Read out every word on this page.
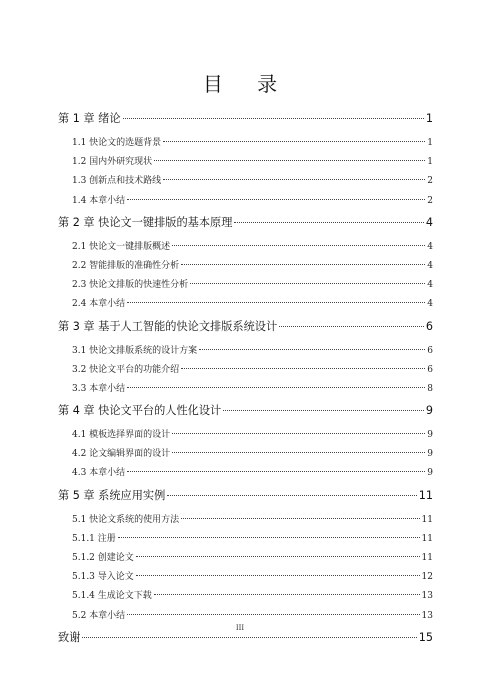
目 录
第 1 章 绪论	1
1.1 快论文的选题背景	1
1.2 国内外研究现状	1
1.3 创新点和技术路线	2
1.4 本章小结	2
第 2 章 快论文一键排版的基本原理	4
2.1 快论文一键排版概述	4
2.2 智能排版的准确性分析	4
2.3 快论文排版的快速性分析	4
2.4 本章小结	4
第 3 章 基于人工智能的快论文排版系统设计	6
3.1 快论文排版系统的设计方案	6
3.2 快论文平台的功能介绍	6
3.3 本章小结	8
第 4 章 快论文平台的人性化设计	9
4.1 模板选择界面的设计	9
4.2 论文编辑界面的设计	9
4.3 本章小结	9
第 5 章 系统应用实例	11
5.1 快论文系统的使用方法	11
5.1.1 注册	11
5.1.2 创建论文	11
5.1.3 导入论文	12
5.1.4 生成论文下载	13
5.2 本章小结	13
致谢	15
III
